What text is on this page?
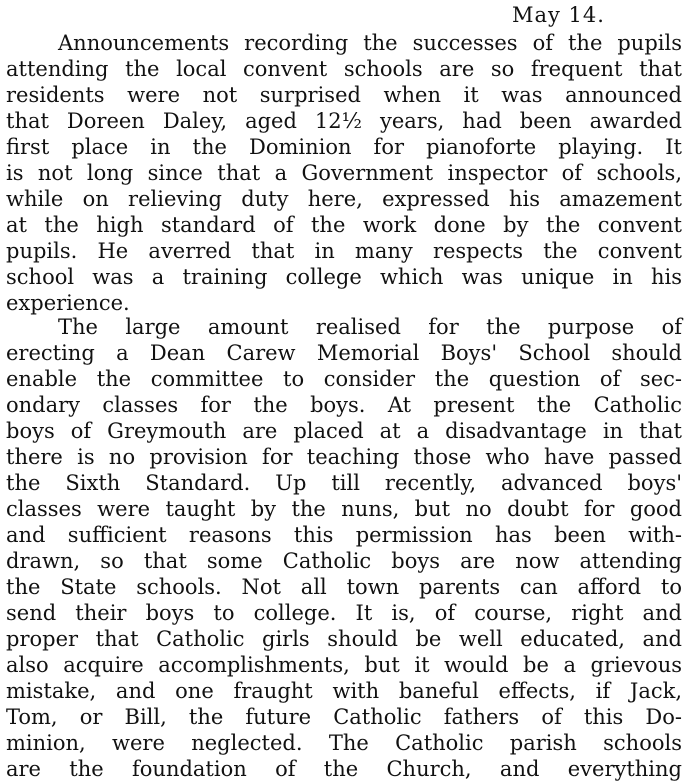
May 14.
Announcements recording the successes of the pupils
attending the local convent schools are so frequent that
residents were not surprised when it was announced
that Doreen Daley, aged 12½ years, had been awarded
first place in the Dominion for pianoforte playing. It
is not long since that a Government inspector of schools,
while on relieving duty here, expressed his amazement
at the high standard of the work done by the convent
pupils. He averred that in many respects the convent
school was a training college which was unique in his
experience.
The large amount realised for the purpose of
erecting a Dean Carew Memorial Boys' School should
enable the committee to consider the question of sec-
ondary classes for the boys. At present the Catholic
boys of Greymouth are placed at a disadvantage in that
there is no provision for teaching those who have passed
the Sixth Standard. Up till recently, advanced boys'
classes were taught by the nuns, but no doubt for good
and sufficient reasons this permission has been with-
drawn, so that some Catholic boys are now attending
the State schools. Not all town parents can afford to
send their boys to college. It is, of course, right and
proper that Catholic girls should be well educated, and
also acquire accomplishments, but it would be a grievous
mistake, and one fraught with baneful effects, if Jack,
Tom, or Bill, the future Catholic fathers of this Do-
minion, were neglected. The Catholic parish schools
are the foundation of the Church, and everything
